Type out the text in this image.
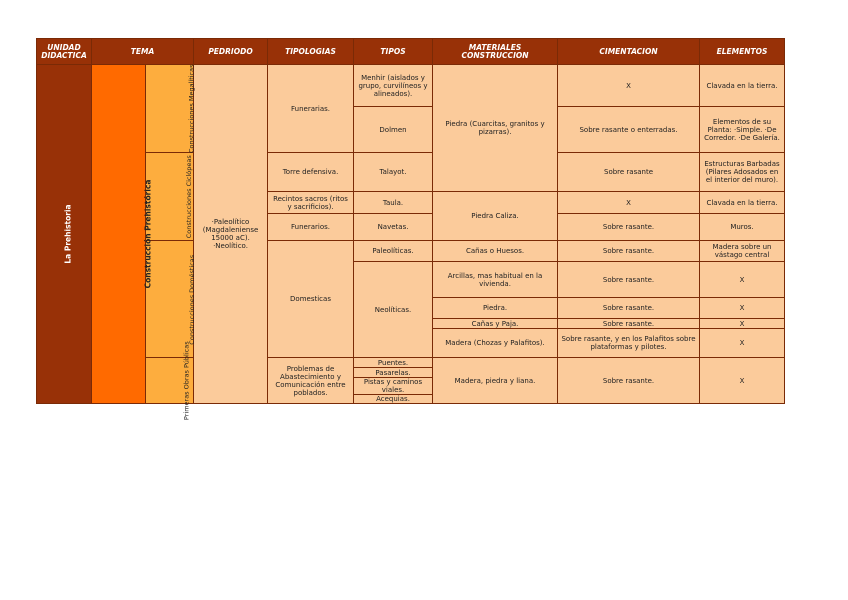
UNIDAD DIDACTICA	TEMA		PEDRIODO	TIPOLOGIAS	TIPOS	MATERIALES CONSTRUCCION	CIMENTACION	ELEMENTOS
La Prehistoria	Construcción Prehistórica	Construcciones Megalíticas	·Paleolítico (Magdaleniense 15000 aC). ·Neolítico.	Funerarias.	Menhir (aislados y grupo, curvilíneos y alineados).	Piedra (Cuarcitas, granitos y pizarras).	X	Clavada en la tierra.
					Dolmen		Sobre rasante o enterradas.	Elementos de su Planta: ·Simple. ·De Corredor. ·De Galería.
		Construcciones Ciclópeas		Torre defensiva.	Talayot.		Sobre rasante	Estructuras Barbadas (Pilares Adosados en el interior del muro).
				Recintos sacros (ritos y sacrificios).	Taula.	Piedra Caliza.	X	Clavada en la tierra.
				Funerarios.	Navetas.		Sobre rasante.	Muros.
		Construcciones Domésticas		Domesticas	Paleolíticas.	Cañas o Huesos.	Sobre rasante.	Madera sobre un vástago central
					Neolíticas.	Arcillas, mas habitual en la vivienda.	Sobre rasante.	X
						Piedra.	Sobre rasante.	X
						Cañas y Paja.	Sobre rasante.	X
						Madera (Chozas y Palafitos).	Sobre rasante, y en los Palafitos sobre plataformas y pilotes.	X

		Primeras Obras Públicas		Problemas de Abastecimiento y Comunicación entre poblados.	Puentes.	Madera, piedra y liana.	Sobre rasante.	X
					Pasarelas.			
					Pistas y caminos viales.			
					Acequias.			
